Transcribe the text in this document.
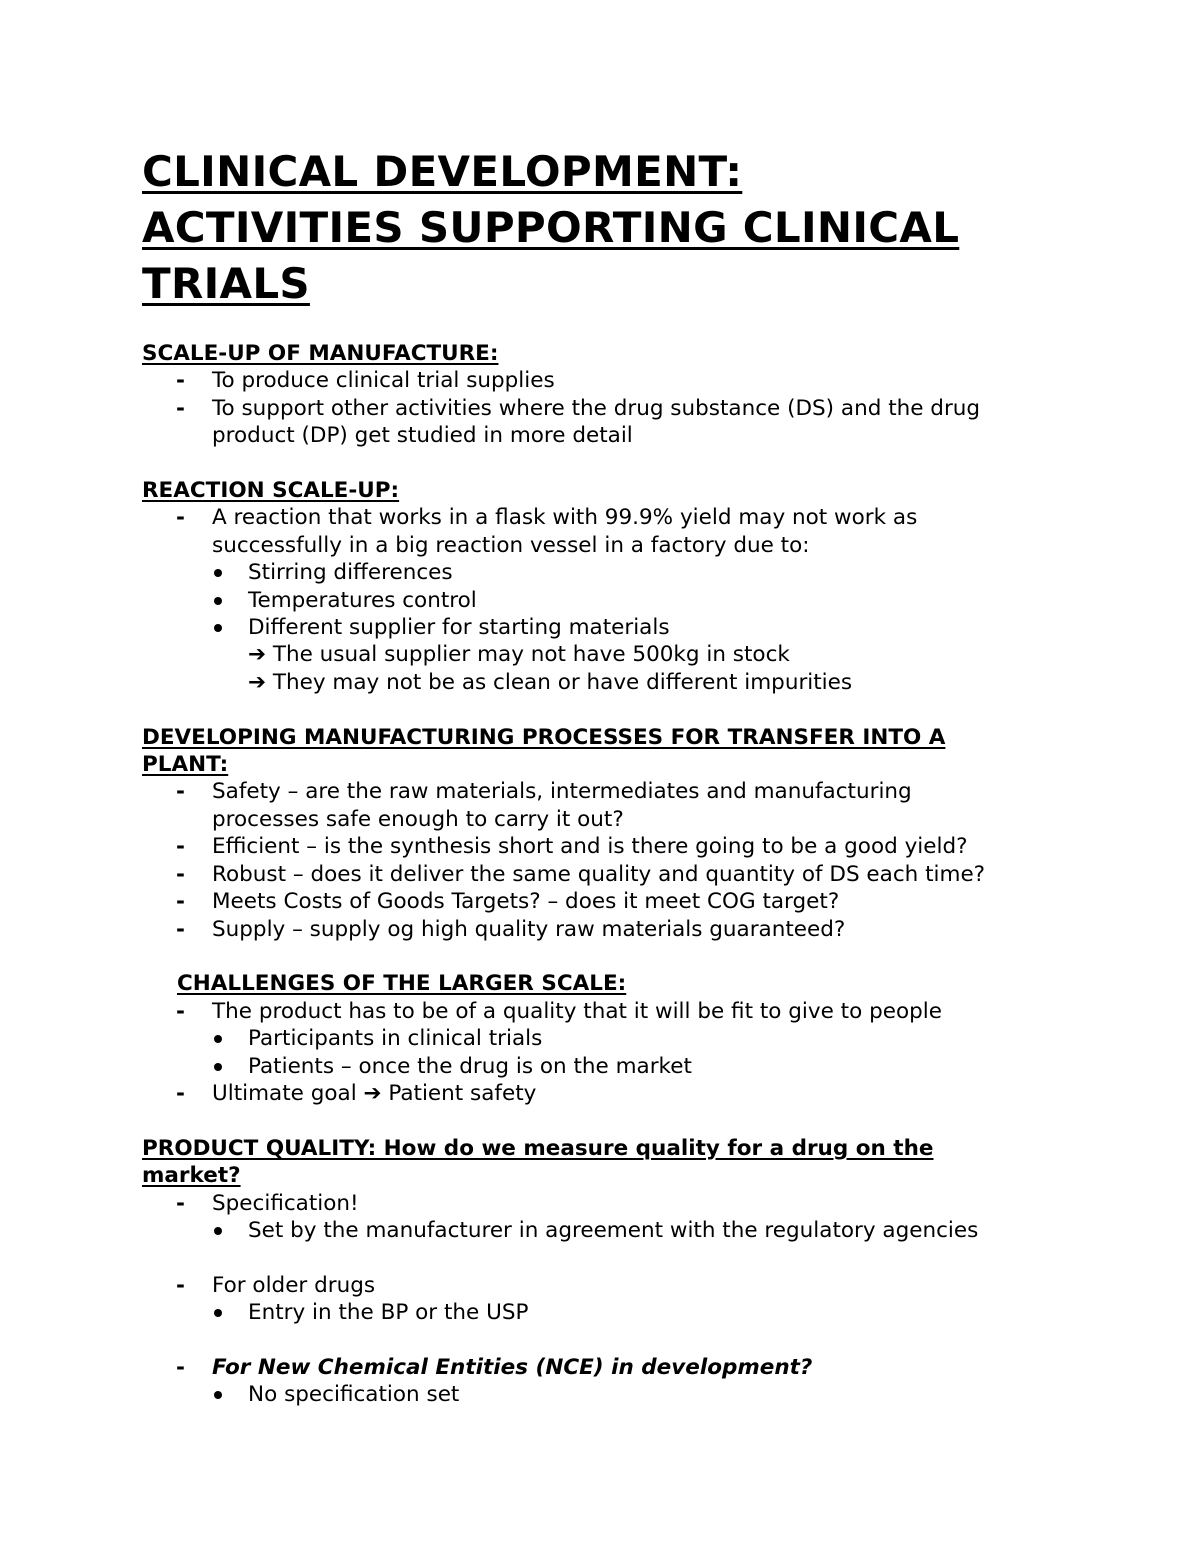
CLINICAL DEVELOPMENT:
ACTIVITIES SUPPORTING CLINICAL
TRIALS
SCALE-UP OF MANUFACTURE:
- To produce clinical trial supplies
- To support other activities where the drug substance (DS) and the drug
product (DP) get studied in more detail
REACTION SCALE-UP:
- A reaction that works in a flask with 99.9% yield may not work as
successfully in a big reaction vessel in a factory due to:
Stirring differences
Temperatures control
Different supplier for starting materials
➔ The usual supplier may not have 500kg in stock
➔ They may not be as clean or have different impurities
DEVELOPING MANUFACTURING PROCESSES FOR TRANSFER INTO A
PLANT:
- Safety – are the raw materials, intermediates and manufacturing
processes safe enough to carry it out?
- Efficient – is the synthesis short and is there going to be a good yield?
- Robust – does it deliver the same quality and quantity of DS each time?
- Meets Costs of Goods Targets? – does it meet COG target?
- Supply – supply og high quality raw materials guaranteed?
CHALLENGES OF THE LARGER SCALE:
- The product has to be of a quality that it will be fit to give to people
Participants in clinical trials
Patients – once the drug is on the market
- Ultimate goal ➔ Patient safety
PRODUCT QUALITY: How do we measure quality for a drug on the
market?
- Specification!
Set by the manufacturer in agreement with the regulatory agencies
- For older drugs
Entry in the BP or the USP
- For New Chemical Entities (NCE) in development?
No specification set
